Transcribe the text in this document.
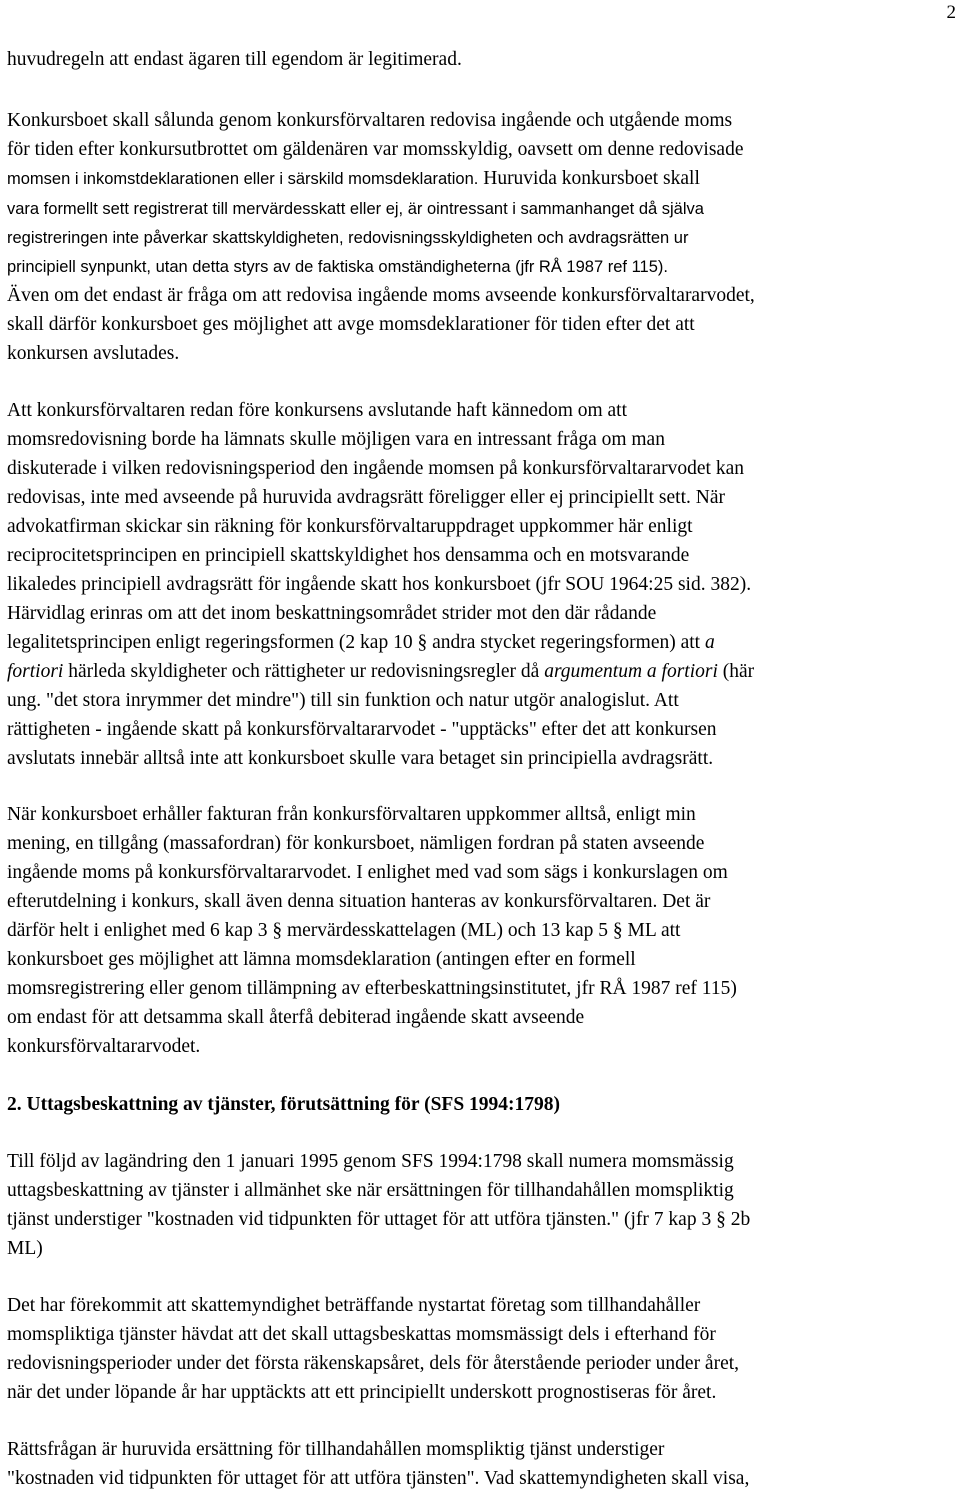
2
huvudregeln att endast ägaren till egendom är legitimerad.
Konkursboet skall sålunda genom konkursförvaltaren redovisa ingående och utgående moms
för tiden efter konkursutbrottet om gäldenären var momsskyldig, oavsett om denne redovisade
momsen i inkomstdeklarationen eller i särskild momsdeklaration. Huruvida konkursboet skall
vara formellt sett registrerat till mervärdesskatt eller ej, är ointressant i sammanhanget då själva
registreringen inte påverkar skattskyldigheten, redovisningsskyldigheten och avdragsrätten ur
principiell synpunkt, utan detta styrs av de faktiska omständigheterna (jfr RÅ 1987 ref 115).
Även om det endast är fråga om att redovisa ingående moms avseende konkursförvaltararvodet,
skall därför konkursboet ges möjlighet att avge momsdeklarationer för tiden efter det att
konkursen avslutades.
Att konkursförvaltaren redan före konkursens avslutande haft kännedom om att
momsredovisning borde ha lämnats skulle möjligen vara en intressant fråga om man
diskuterade i vilken redovisningsperiod den ingående momsen på konkursförvaltararvodet kan
redovisas, inte med avseende på huruvida avdragsrätt föreligger eller ej principiellt sett. När
advokatfirman skickar sin räkning för konkursförvaltaruppdraget uppkommer här enligt
reciprocitetsprincipen en principiell skattskyldighet hos densamma och en motsvarande
likaledes principiell avdragsrätt för ingående skatt hos konkursboet (jfr SOU 1964:25 sid. 382).
Härvidlag erinras om att det inom beskattningsområdet strider mot den där rådande
legalitetsprincipen enligt regeringsformen (2 kap 10 § andra stycket regeringsformen) att a
fortiori härleda skyldigheter och rättigheter ur redovisningsregler då argumentum a fortiori (här
ung. "det stora inrymmer det mindre") till sin funktion och natur utgör analogislut. Att
rättigheten - ingående skatt på konkursförvaltararvodet - "upptäcks" efter det att konkursen
avslutats innebär alltså inte att konkursboet skulle vara betaget sin principiella avdragsrätt.
När konkursboet erhåller fakturan från konkursförvaltaren uppkommer alltså, enligt min
mening, en tillgång (massafordran) för konkursboet, nämligen fordran på staten avseende
ingående moms på konkursförvaltararvodet. I enlighet med vad som sägs i konkurslagen om
efterutdelning i konkurs, skall även denna situation hanteras av konkursförvaltaren. Det är
därför helt i enlighet med 6 kap 3 § mervärdesskattelagen (ML) och 13 kap 5 § ML att
konkursboet ges möjlighet att lämna momsdeklaration (antingen efter en formell
momsregistrering eller genom tillämpning av efterbeskattningsinstitutet, jfr RÅ 1987 ref 115)
om endast för att detsamma skall återfå debiterad ingående skatt avseende
konkursförvaltararvodet.
2. Uttagsbeskattning av tjänster, förutsättning för (SFS 1994:1798)
Till följd av lagändring den 1 januari 1995 genom SFS 1994:1798 skall numera momsmässig
uttagsbeskattning av tjänster i allmänhet ske när ersättningen för tillhandahållen momspliktig
tjänst understiger "kostnaden vid tidpunkten för uttaget för att utföra tjänsten." (jfr 7 kap 3 § 2b
ML)
Det har förekommit att skattemyndighet beträffande nystartat företag som tillhandahåller
momspliktiga tjänster hävdat att det skall uttagsbeskattas momsmässigt dels i efterhand för
redovisningsperioder under det första räkenskapsåret, dels för återstående perioder under året,
när det under löpande år har upptäckts att ett principiellt underskott prognostiseras för året.
Rättsfrågan är huruvida ersättning för tillhandahållen momspliktig tjänst understiger
"kostnaden vid tidpunkten för uttaget för att utföra tjänsten". Vad skattemyndigheten skall visa,
